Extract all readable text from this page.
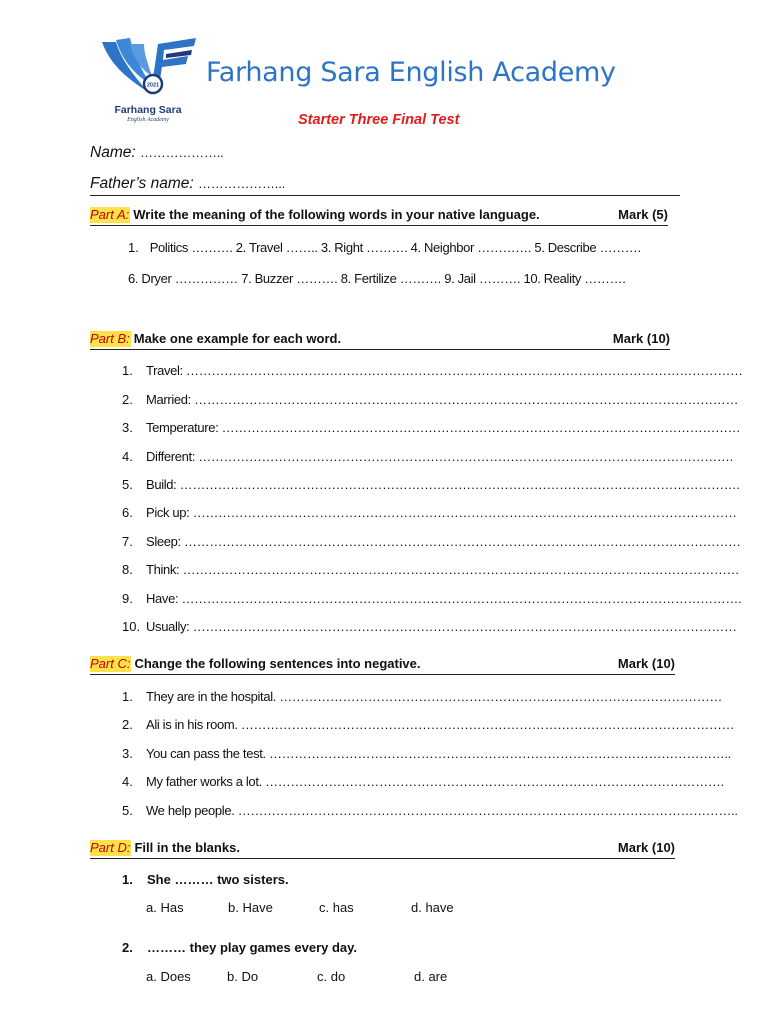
2021
Farhang Sara
English Academy
Farhang Sara English Academy
Starter Three Final Test
Name: ………………..
Father’s name: ………………...
Part A: Write the meaning of the following words in your native language.	Mark (5)
1. Politics ………. 2. Travel …….. 3. Right ………. 4. Neighbor …………. 5. Describe ……….
6. Dryer …………… 7. Buzzer ………. 8. Fertilize ………. 9. Jail ………. 10. Reality ……….
Part B: Make one example for each word.	Mark (10)
1. Travel: ……………………………………………………………………………………………………………………
2. Married: …………………………………………………………………………………………………………………
3. Temperature: ……………………………………………………………………………………………………………
4. Different: ……………………………………………………………………………………………………………….
5. Build: …………………………………………………………………………………………………………………….
6. Pick up: …………………………………………………………………………………………………………………
7. Sleep: ……………………………………………………………………………………………………………………
8. Think: ……………………………………………………………………………………………………………………
9. Have: …………………………………………………………………………………………………………………….
10. Usually: …………………………………………………………………………………………………………………
Part C: Change the following sentences into negative.	Mark (10)
1. They are in the hospital. ……………………………………………………………………………………………
2. Ali is in his room. ………………………………………………………………………………………………………
3. You can pass the test. ………………………………………………………………………………………………..
4. My father works a lot. ……………………………………………………………………………………………….
5. We help people. ………………………………………………………………………………………………………..
Part D: Fill in the blanks.	Mark (10)
1. She ……… two sisters.
a. Has	b. Have	c. has	d. have
2. ……… they play games every day.
a. Does	b. Do	c. do	d. are
